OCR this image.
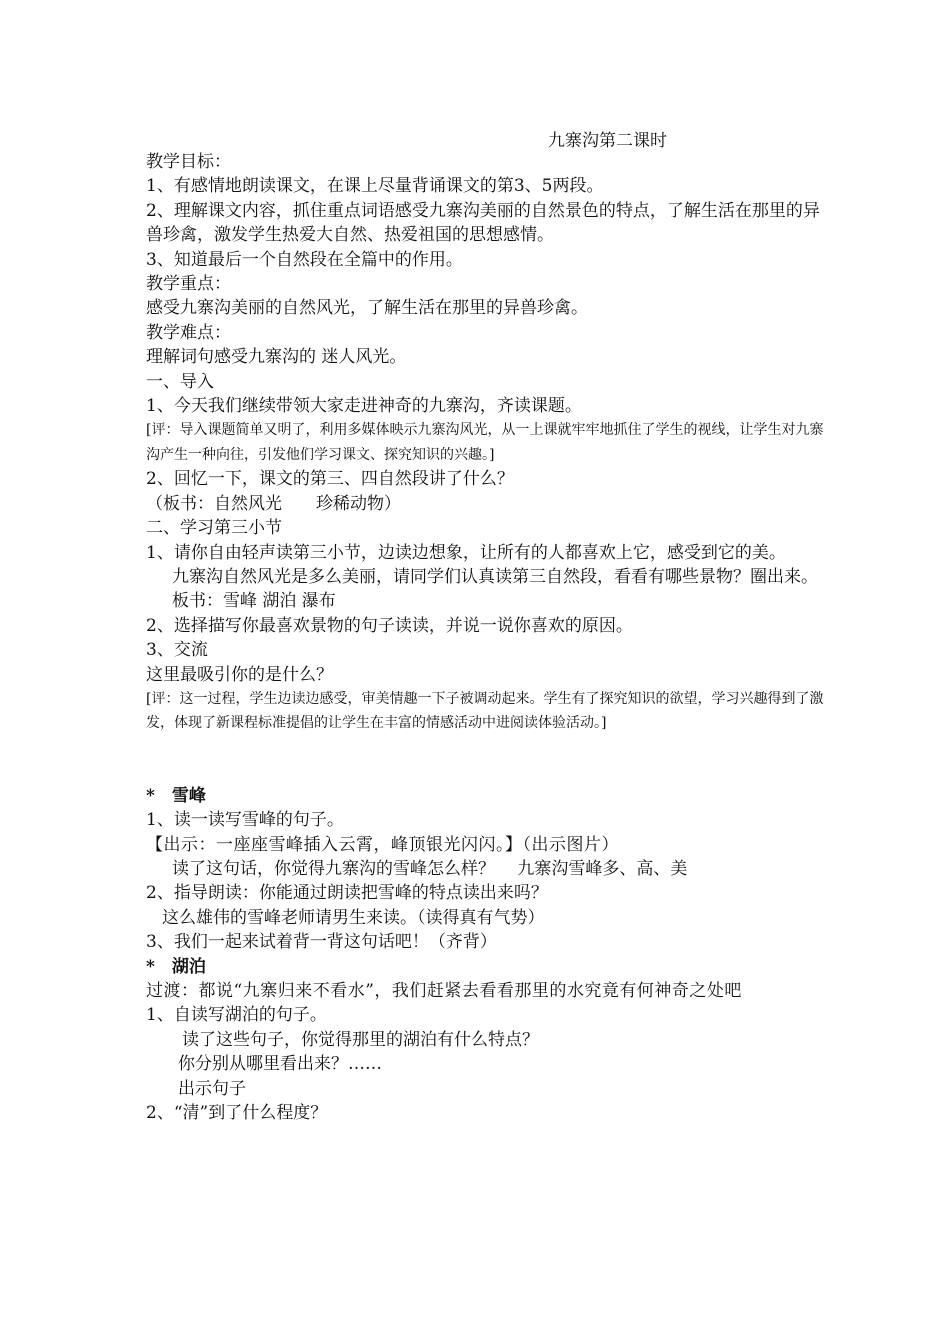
九寨沟第二课时
教学目标：
1、有感情地朗读课文，在课上尽量背诵课文的第3、5两段。
2、理解课文内容，抓住重点词语感受九寨沟美丽的自然景色的特点，了解生活在那里的异兽珍禽，激发学生热爱大自然、热爱祖国的思想感情。
3、知道最后一个自然段在全篇中的作用。
教学重点：
感受九寨沟美丽的自然风光，了解生活在那里的异兽珍禽。
教学难点：
理解词句感受九寨沟的 迷人风光。
一、导入
1、今天我们继续带领大家走进神奇的九寨沟，齐读课题。
[评：导入课题简单又明了，利用多媒体映示九寨沟风光，从一上课就牢牢地抓住了学生的视线，让学生对九寨沟产生一种向往，引发他们学习课文、探究知识的兴趣。]
2、回忆一下，课文的第三、四自然段讲了什么？
（板书：自然风光　　珍稀动物）
二、学习第三小节
1、请你自由轻声读第三小节，边读边想象，让所有的人都喜欢上它，感受到它的美。
九寨沟自然风光是多么美丽，请同学们认真读第三自然段，看看有哪些景物？圈出来。板书：雪峰 湖泊 瀑布
2、选择描写你最喜欢景物的句子读读，并说一说你喜欢的原因。
3、交流
这里最吸引你的是什么？
[评：这一过程，学生边读边感受，审美情趣一下子被调动起来。学生有了探究知识的欲望，学习兴趣得到了激发，体现了新课程标准提倡的让学生在丰富的情感活动中进阅读体验活动。]
*　雪峰
1、读一读写雪峰的句子。
【出示：一座座雪峰插入云霄，峰顶银光闪闪。】（出示图片）
读了这句话，你觉得九寨沟的雪峰怎么样？　 九寨沟雪峰多、高、美
2、指导朗读：你能通过朗读把雪峰的特点读出来吗？
这么雄伟的雪峰老师请男生来读。（读得真有气势）
3、我们一起来试着背一背这句话吧！（齐背）
*　湖泊
过渡：都说“九寨归来不看水”，我们赶紧去看看那里的水究竟有何神奇之处吧
1、自读写湖泊的句子。
读了这些句子，你觉得那里的湖泊有什么特点？
你分别从哪里看出来？……
出示句子
2、“清”到了什么程度？
